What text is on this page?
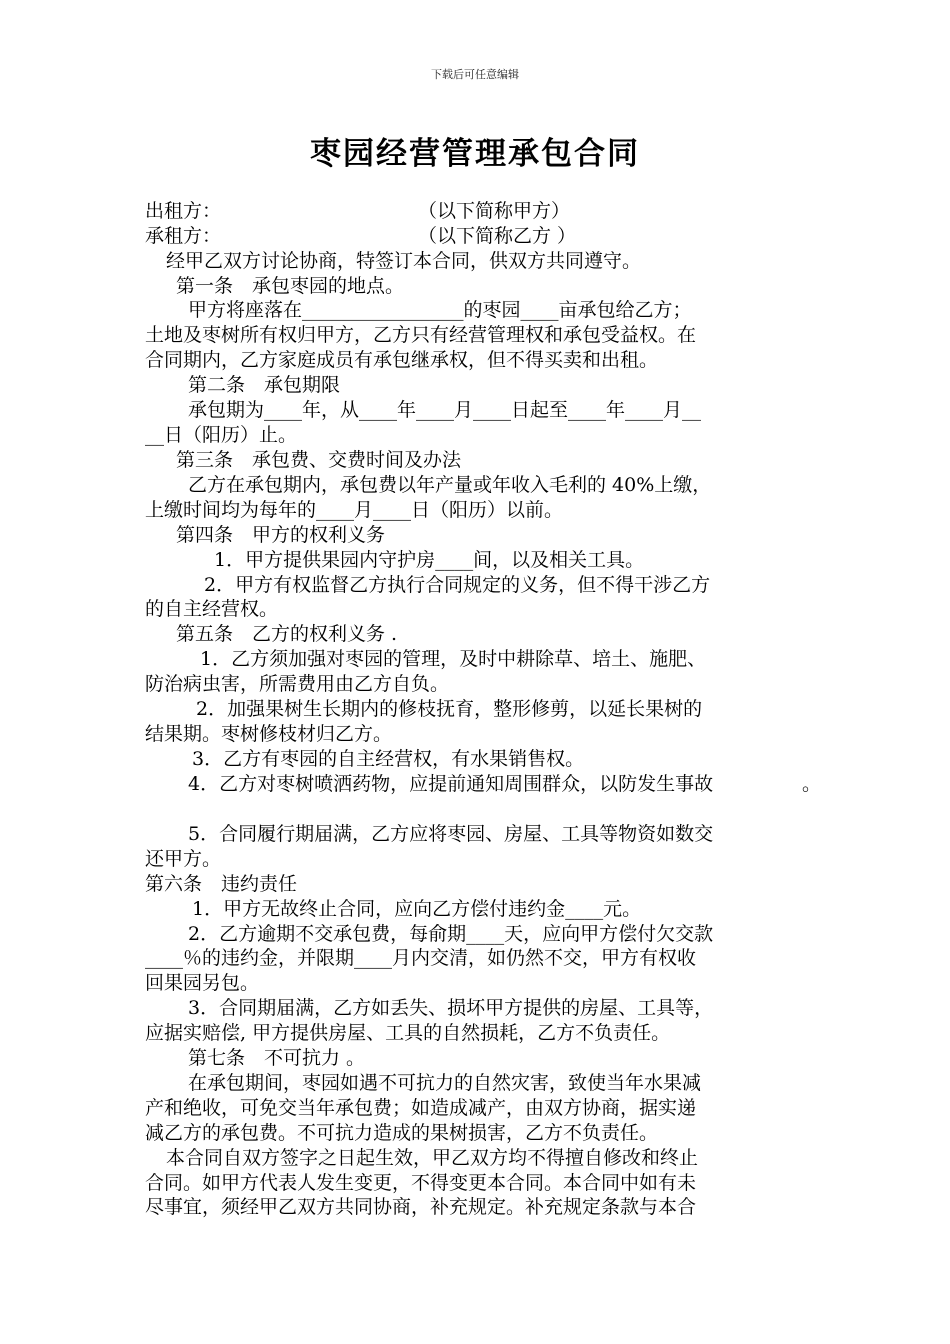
下载后可任意编辑
枣园经营管理承包合同
出租方：	（以下简称甲方）
承租方：	（以下简称乙方 ）
经甲乙双方讨论协商，特签订本合同，供双方共同遵守。
第一条　承包枣园的地点。
甲方将座落在_________________的枣园____亩承包给乙方；
土地及枣树所有权归甲方，乙方只有经营管理权和承包受益权。在
合同期内，乙方家庭成员有承包继承权，但不得买卖和出租。
第二条　承包期限
承包期为____年，从____年____月____日起至____年____月__
__日（阳历）止。
第三条　承包费、交费时间及办法
乙方在承包期内，承包费以年产量或年收入毛利的 40%上缴，
上缴时间均为每年的____月____日（阳历）以前。
第四条　甲方的权利义务
1．甲方提供果园内守护房____间，以及相关工具。
2．甲方有权监督乙方执行合同规定的义务，但不得干涉乙方
的自主经营权。
第五条　乙方的权利义务 .
1．乙方须加强对枣园的管理，及时中耕除草、培土、施肥、
防治病虫害，所需费用由乙方自负。
2．加强果树生长期内的修枝抚育，整形修剪，以延长果树的
结果期。枣树修枝材归乙方。
3．乙方有枣园的自主经营权，有水果销售权。
4．乙方对枣树喷洒药物，应提前通知周围群众，以防发生事故	。
5．合同履行期届满，乙方应将枣园、房屋、工具等物资如数交
还甲方。
第六条　违约责任
1．甲方无故终止合同，应向乙方偿付违约金____元。
2．乙方逾期不交承包费，每俞期____天，应向甲方偿付欠交款
____％的违约金，并限期____月内交清，如仍然不交，甲方有权收
回果园另包。
3．合同期届满，乙方如丢失、损坏甲方提供的房屋、工具等，
应据实赔偿, 甲方提供房屋、工具的自然损耗，乙方不负责任。
第七条　不可抗力 。
在承包期间，枣园如遇不可抗力的自然灾害，致使当年水果减
产和绝收，可免交当年承包费；如造成减产，由双方协商，据实递
减乙方的承包费。不可抗力造成的果树损害，乙方不负责任。
本合同自双方签字之日起生效，甲乙双方均不得擅自修改和终止
合同。如甲方代表人发生变更，不得变更本合同。本合同中如有未
尽事宜，须经甲乙双方共同协商，补充规定。补充规定条款与本合
